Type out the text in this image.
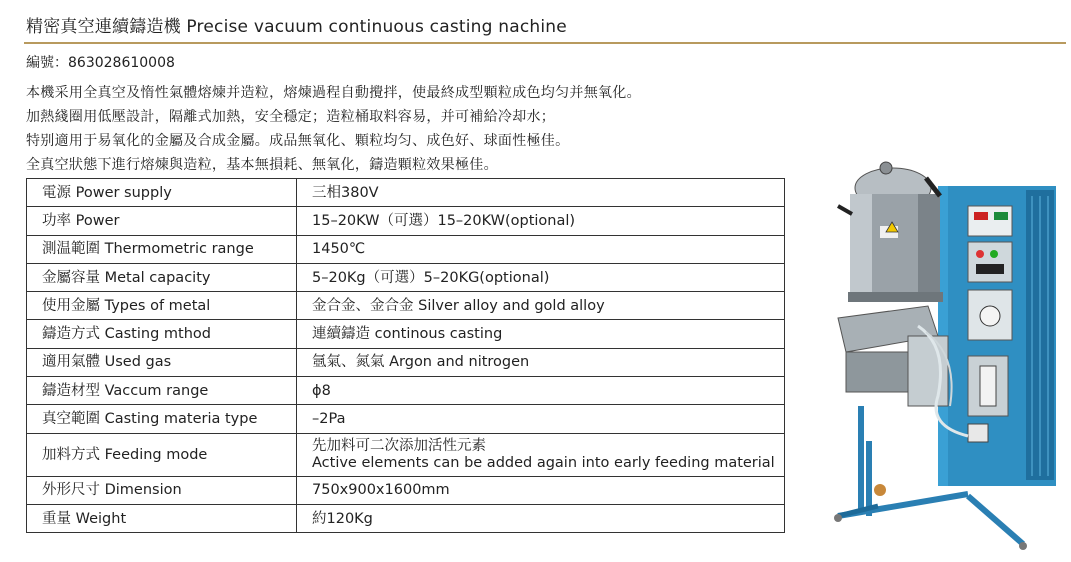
精密真空連續鑄造機 Precise vacuum continuous casting nachine
編號：863028610008
本機采用全真空及惰性氣體熔煉并造粒，熔煉過程自動攪拌，使最終成型顆粒成色均匀并無氧化。
加熱綫圈用低壓設計，隔離式加熱，安全穩定；造粒桶取料容易，并可補給冷却水；
特别適用于易氧化的金屬及合成金屬。成品無氧化、顆粒均匀、成色好、球面性極佳。
全真空狀態下進行熔煉與造粒，基本無損耗、無氧化，鑄造顆粒效果極佳。
電源 Power supply	三相380V
功率 Power	15–20KW（可選）15–20KW(optional)
測温範圍 Thermometric range	1450℃
金屬容量 Metal capacity	5–20Kg（可選）5–20KG(optional)
使用金屬 Types of metal	金合金、金合金 Silver alloy and gold alloy
鑄造方式 Casting mthod	連續鑄造 continous casting
適用氣體 Used gas	氬氣、氮氣 Argon and nitrogen
鑄造材型 Vaccum range	ϕ8
真空範圍 Casting materia type	–2Pa
加料方式 Feeding mode	先加料可二次添加活性元素
Active elements can be added again into early feeding material

外形尺寸 Dimension	750x900x1600mm
重量 Weight	約120Kg
